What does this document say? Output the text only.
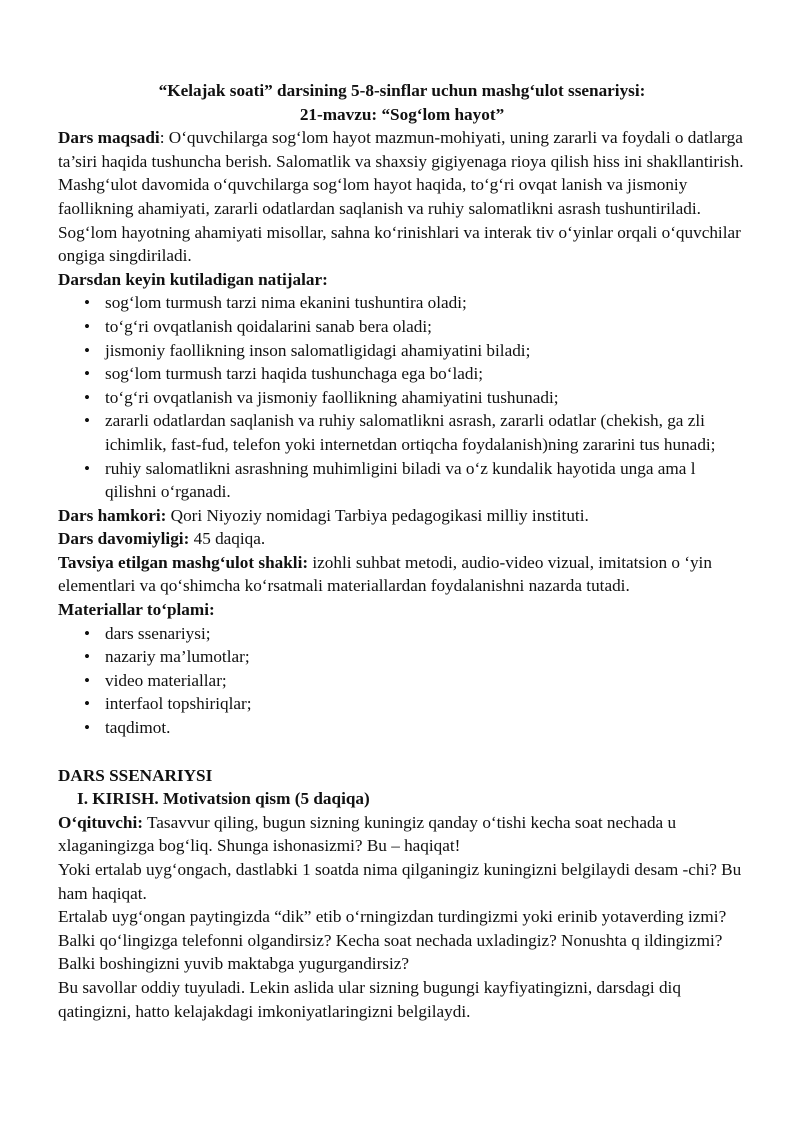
“Kelajak soati” darsining 5-8-sinflar uchun mashg‘ulot ssenariysi:
21-mavzu: “Sog‘lom hayot”

Dars maqsadi: O‘quvchilarga sog‘lom hayot mazmun-mohiyati, uning zararli va foydali o datlarga ta’siri haqida tushuncha berish. Salomatlik va shaxsiy gigiyenaga rioya qilish hiss ini shakllantirish. Mashg‘ulot davomida o‘quvchilarga sog‘lom hayot haqida, to‘g‘ri ovqat lanish va jismoniy faollikning ahamiyati, zararli odatlardan saqlanish va ruhiy salomatlikni asrash tushuntiriladi. Sog‘lom hayotning ahamiyati misollar, sahna ko‘rinishlari va interak tiv o‘yinlar orqali o‘quvchilar ongiga singdiriladi.

Darsdan keyin kutiladigan natijalar:

• sog‘lom turmush tarzi nima ekanini tushuntira oladi;
• to‘g‘ri ovqatlanish qoidalarini sanab bera oladi;
• jismoniy faollikning inson salomatligidagi ahamiyatini biladi;
• sog‘lom turmush tarzi haqida tushunchaga ega bo‘ladi;
• to‘g‘ri ovqatlanish va jismoniy faollikning ahamiyatini tushunadi;
• zararli odatlardan saqlanish va ruhiy salomatlikni asrash, zararli odatlar (chekish, ga zli ichimlik, fast-fud, telefon yoki internetdan ortiqcha foydalanish)ning zararini tus hunadi;
• ruhiy salomatlikni asrashning muhimligini biladi va o‘z kundalik hayotida unga ama l qilishni o‘rganadi.

Dars hamkori: Qori Niyoziy nomidagi Tarbiya pedagogikasi milliy instituti.

Dars davomiyligi: 45 daqiqa.

Tavsiya etilgan mashg‘ulot shakli: izohli suhbat metodi, audio-video vizual, imitatsion o ‘yin elementlari va qo‘shimcha ko‘rsatmali materiallardan foydalanishni nazarda tutadi.

Materiallar to‘plami:

• dars ssenariysi;
• nazariy ma’lumotlar;
• video materiallar;
• interfaol topshiriqlar;
• taqdimot.

DARS SSENARIYSI

I. KIRISH. Motivatsion qism (5 daqiqa)

O‘qituvchi: Tasavvur qiling, bugun sizning kuningiz qanday o‘tishi kecha soat nechada u xlaganingizga bog‘liq. Shunga ishonasizmi? Bu – haqiqat!

Yoki ertalab uyg‘ongach, dastlabki 1 soatda nima qilganingiz kuningizni belgilaydi desam -chi? Bu ham haqiqat.

Ertalab uyg‘ongan paytingizda “dik” etib o‘rningizdan turdingizmi yoki erinib yotaverding izmi? Balki qo‘lingizga telefonni olgandirsiz? Kecha soat nechada uxladingiz? Nonushta q ildingizmi? Balki boshingizni yuvib maktabga yugurgandirsiz?

Bu savollar oddiy tuyuladi. Lekin aslida ular sizning bugungi kayfiyatingizni, darsdagi diq qatingizni, hatto kelajakdagi imkoniyatlaringizni belgilaydi.
